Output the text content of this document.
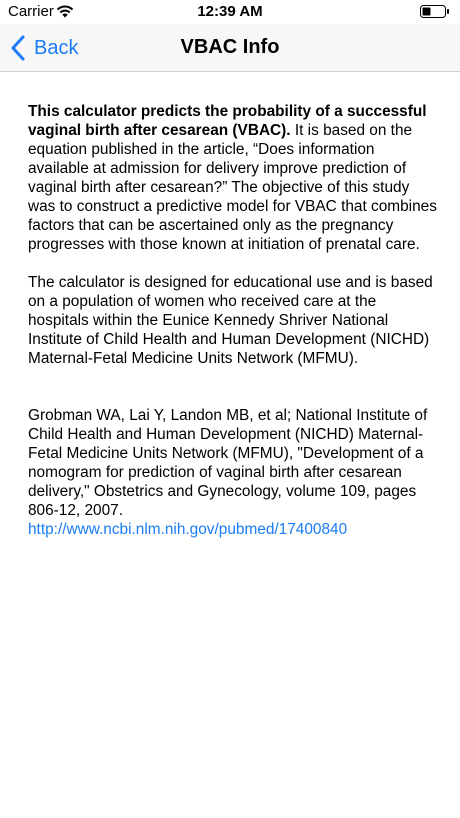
Carrier	12:39 AM
Back	VBAC Info

This calculator predicts the probability of a successful vaginal birth after cesarean (VBAC). It is based on the equation published in the article, “Does information available at admission for delivery improve prediction of vaginal birth after cesarean?” The objective of this study was to construct a predictive model for VBAC that combines factors that can be ascertained only as the pregnancy progresses with those known at initiation of prenatal care.

The calculator is designed for educational use and is based on a population of women who received care at the hospitals within the Eunice Kennedy Shriver National Institute of Child Health and Human Development (NICHD) Maternal-Fetal Medicine Units Network (MFMU).

Grobman WA, Lai Y, Landon MB, et al; National Institute of Child Health and Human Development (NICHD) Maternal-Fetal Medicine Units Network (MFMU), "Development of a nomogram for prediction of vaginal birth after cesarean delivery," Obstetrics and Gynecology, volume 109, pages 806-12, 2007. http://www.ncbi.nlm.nih.gov/pubmed/17400840
